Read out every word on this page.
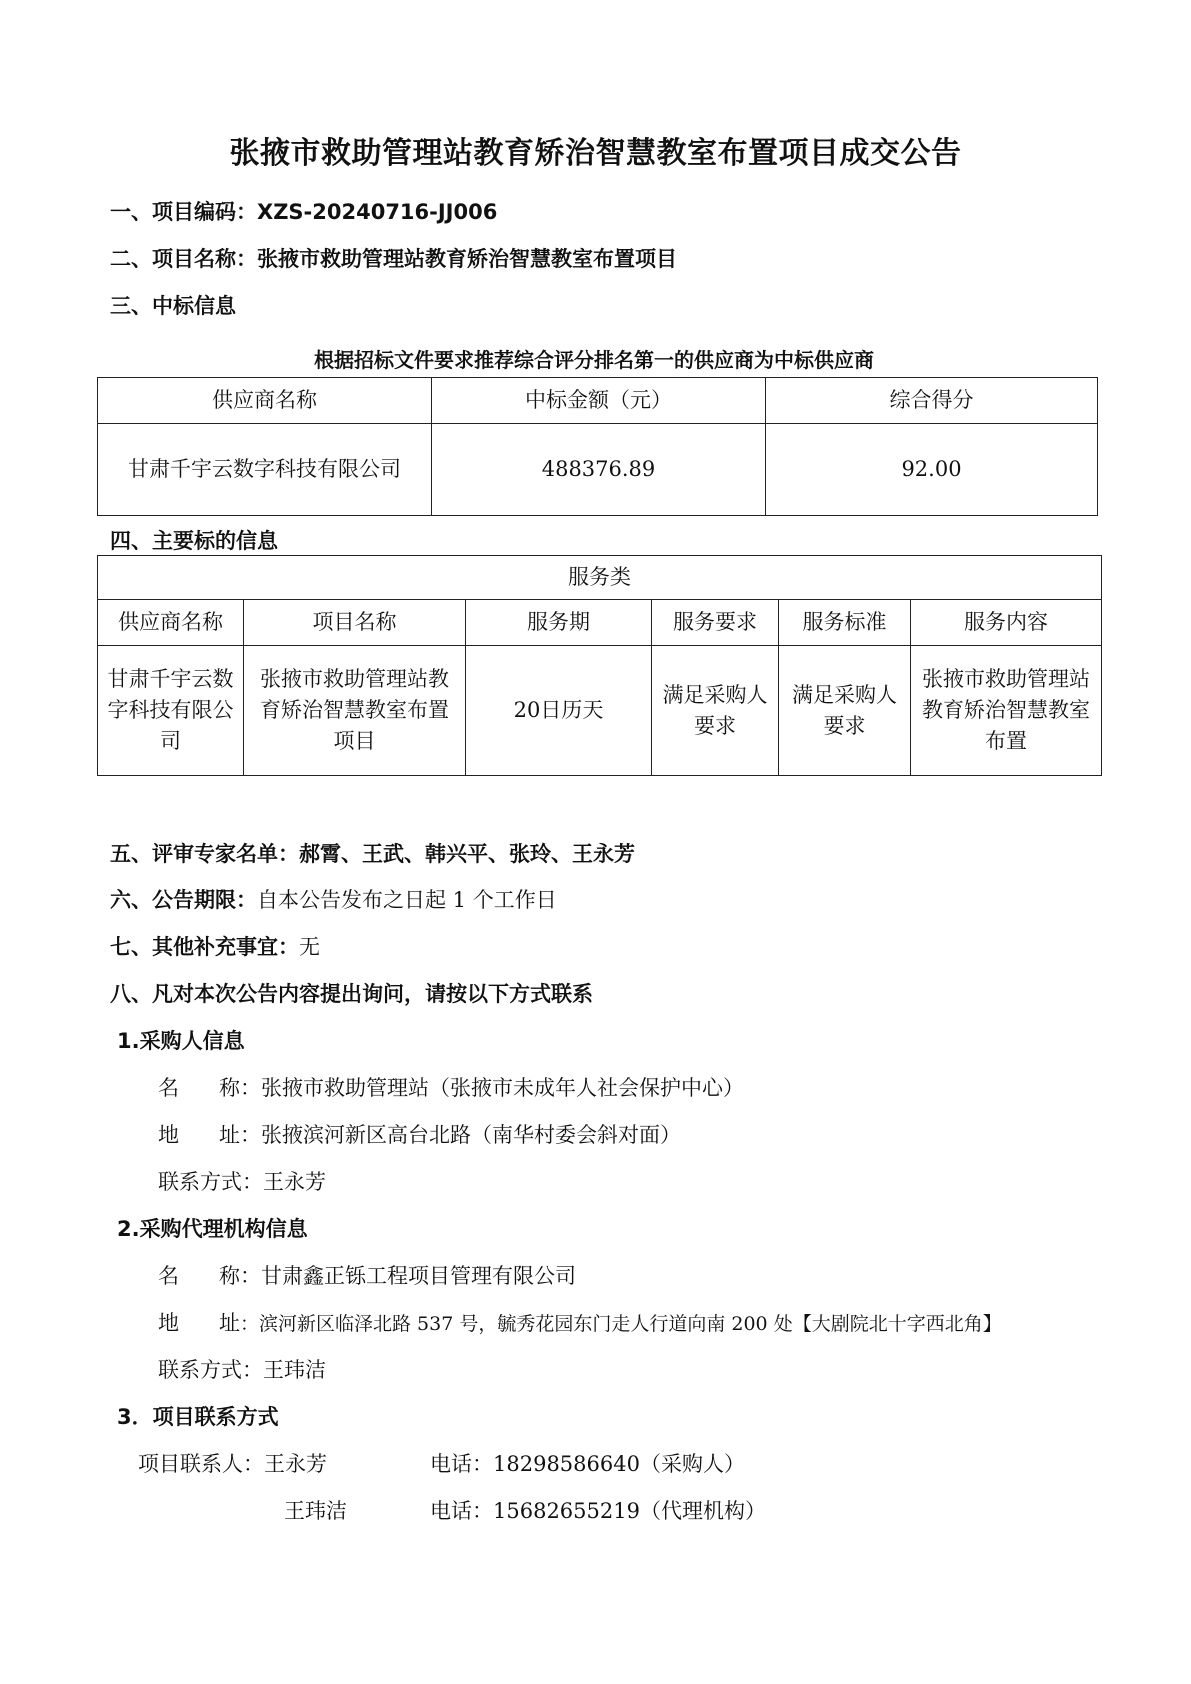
张掖市救助管理站教育矫治智慧教室布置项目成交公告
一、项目编码：XZS-20240716-JJ006
二、项目名称：张掖市救助管理站教育矫治智慧教室布置项目
三、中标信息
根据招标文件要求推荐综合评分排名第一的供应商为中标供应商
供应商名称	中标金额（元）	综合得分
甘肃千宇云数字科技有限公司	488376.89	92.00
四、主要标的信息
服务类					
供应商名称	项目名称	服务期	服务要求	服务标准	服务内容
甘肃千宇云数字科技有限公司	张掖市救助管理站教育矫治智慧教室布置项目	20日历天	满足采购人要求	满足采购人要求	张掖市救助管理站教育矫治智慧教室布置
五、评审专家名单：郝霄、王武、韩兴平、张玲、王永芳
六、公告期限：自本公告发布之日起 1 个工作日
七、其他补充事宜：无
八、凡对本次公告内容提出询问，请按以下方式联系
1.采购人信息
名称：张掖市救助管理站（张掖市未成年人社会保护中心）
地址：张掖滨河新区高台北路（南华村委会斜对面）
联系方式：王永芳
2.采购代理机构信息
名称：甘肃鑫正铄工程项目管理有限公司
地址：滨河新区临泽北路 537 号，毓秀花园东门走人行道向南 200 处【大剧院北十字西北角】
联系方式：王玮洁
3．项目联系方式
项目联系人：王永芳	电话：18298586640（采购人）
王玮洁	电话：15682655219（代理机构）
